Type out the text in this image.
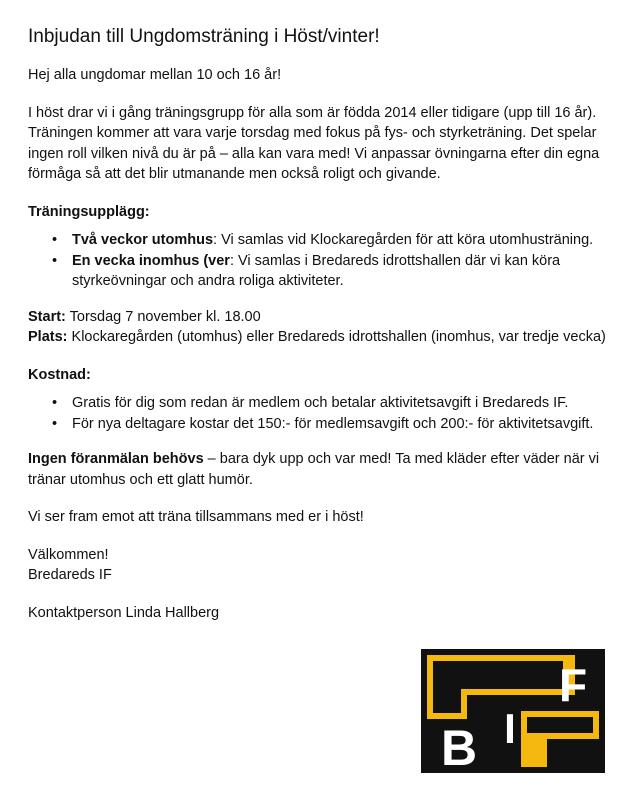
Inbjudan till Ungdomsträning i Höst/vinter!

Hej alla ungdomar mellan 10 och 16 år!

I höst drar vi i gång träningsgrupp för alla som är födda 2014 eller tidigare (upp till 16 år). Träningen kommer att vara varje torsdag med fokus på fys- och styrketräning. Det spelar ingen roll vilken nivå du är på – alla kan vara med! Vi anpassar övningarna efter din egna förmåga så att det blir utmanande men också roligt och givande.

Träningsupplägg:

• Två veckor utomhus: Vi samlas vid Klockaregården för att köra utomhusträning.
• En vecka inomhus (ver: Vi samlas i Bredareds idrottshallen där vi kan köra styrkeövningar och andra roliga aktiviteter.

Start: Torsdag 7 november kl. 18.00

Plats: Klockaregården (utomhus) eller Bredareds idrottshallen (inomhus, var tredje vecka)

Kostnad:

• Gratis för dig som redan är medlem och betalar aktivitetsavgift i Bredareds IF.
• För nya deltagare kostar det 150:- för medlemsavgift och 200:- för aktivitetsavgift.

Ingen föranmälan behövs – bara dyk upp och var med! Ta med kläder efter väder när vi tränar utomhus och ett glatt humör.

Vi ser fram emot att träna tillsammans med er i höst!

Välkommen!

Bredareds IF

Kontaktperson Linda Hallberg

F
I
B
